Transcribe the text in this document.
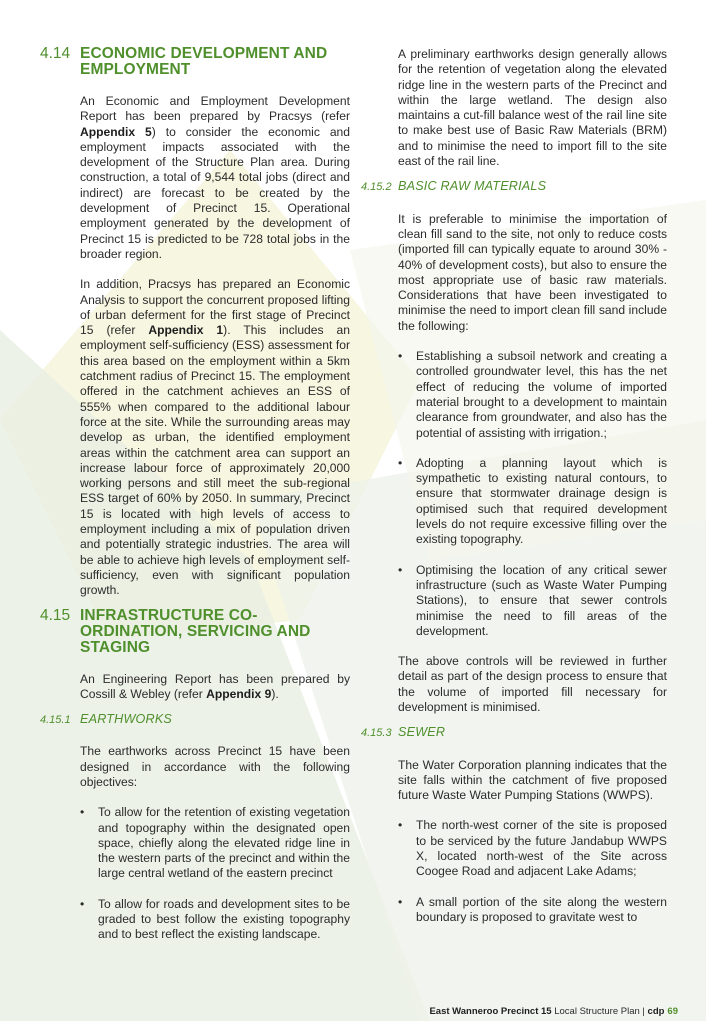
4.14 ECONOMIC DEVELOPMENT AND EMPLOYMENT

An Economic and Employment Development Report has been prepared by Pracsys (refer Appendix 5) to consider the economic and employment impacts associated with the development of the Structure Plan area. During construction, a total of 9,544 total jobs (direct and indirect) are forecast to be created by the development of Precinct 15. Operational employment generated by the development of Precinct 15 is predicted to be 728 total jobs in the broader region.

In addition, Pracsys has prepared an Economic Analysis to support the concurrent proposed lifting of urban deferment for the first stage of Precinct 15 (refer Appendix 1). This includes an employment self-sufficiency (ESS) assessment for this area based on the employment within a 5km catchment radius of Precinct 15. The employment offered in the catchment achieves an ESS of 555% when compared to the additional labour force at the site. While the surrounding areas may develop as urban, the identified employment areas within the catchment area can support an increase labour force of approximately 20,000 working persons and still meet the sub-regional ESS target of 60% by 2050. In summary, Precinct 15 is located with high levels of access to employment including a mix of population driven and potentially strategic industries. The area will be able to achieve high levels of employment self-sufficiency, even with significant population growth.

4.15 INFRASTRUCTURE CO-ORDINATION, SERVICING AND STAGING

An Engineering Report has been prepared by Cossill & Webley (refer Appendix 9).

4.15.1 EARTHWORKS

The earthworks across Precinct 15 have been designed in accordance with the following objectives:

• To allow for the retention of existing vegetation and topography within the designated open space, chiefly along the elevated ridge line in the western parts of the precinct and within the large central wetland of the eastern precinct
• To allow for roads and development sites to be graded to best follow the existing topography and to best reflect the existing landscape.

A preliminary earthworks design generally allows for the retention of vegetation along the elevated ridge line in the western parts of the Precinct and within the large wetland. The design also maintains a cut-fill balance west of the rail line site to make best use of Basic Raw Materials (BRM) and to minimise the need to import fill to the site east of the rail line.

4.15.2 BASIC RAW MATERIALS

It is preferable to minimise the importation of clean fill sand to the site, not only to reduce costs (imported fill can typically equate to around 30% - 40% of development costs), but also to ensure the most appropriate use of basic raw materials. Considerations that have been investigated to minimise the need to import clean fill sand include the following:

• Establishing a subsoil network and creating a controlled groundwater level, this has the net effect of reducing the volume of imported material brought to a development to maintain clearance from groundwater, and also has the potential of assisting with irrigation.;
• Adopting a planning layout which is sympathetic to existing natural contours, to ensure that stormwater drainage design is optimised such that required development levels do not require excessive filling over the existing topography.
• Optimising the location of any critical sewer infrastructure (such as Waste Water Pumping Stations), to ensure that sewer controls minimise the need to fill areas of the development.

The above controls will be reviewed in further detail as part of the design process to ensure that the volume of imported fill necessary for development is minimised.

4.15.3 SEWER

The Water Corporation planning indicates that the site falls within the catchment of five proposed future Waste Water Pumping Stations (WWPS).

• The north-west corner of the site is proposed to be serviced by the future Jandabup WWPS X, located north-west of the Site across Coogee Road and adjacent Lake Adams;
• A small portion of the site along the western boundary is proposed to gravitate west to
East Wanneroo Precinct 15 Local Structure Plan | cdp 69
